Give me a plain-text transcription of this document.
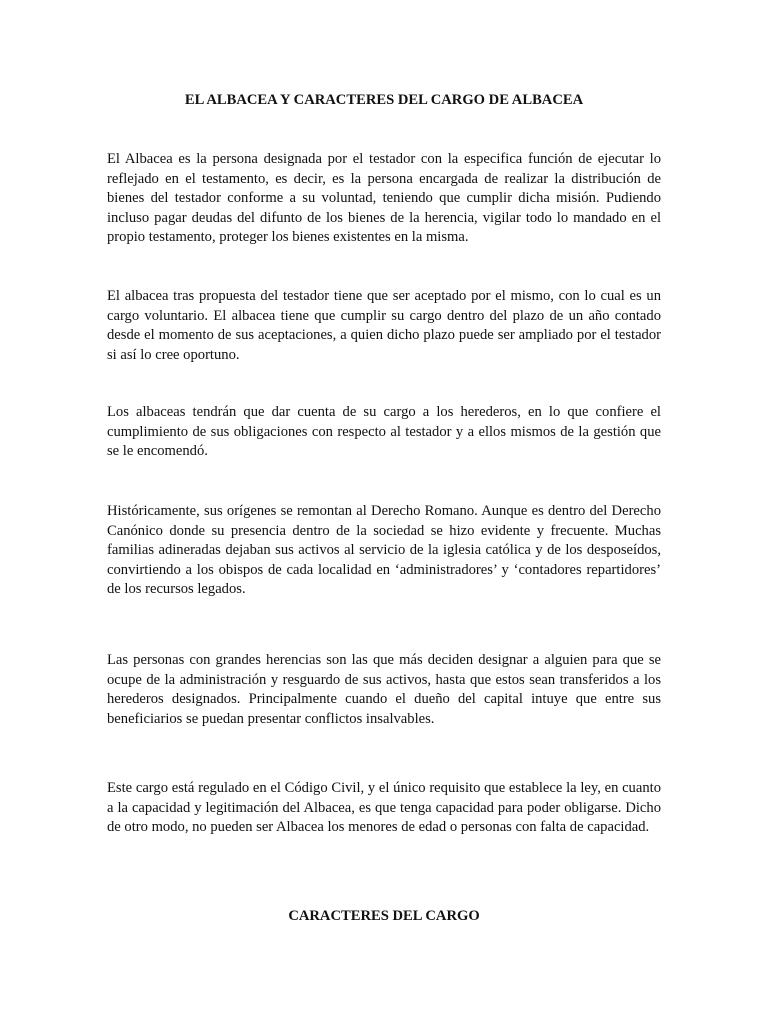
EL ALBACEA Y CARACTERES DEL CARGO DE ALBACEA

El Albacea es la persona designada por el testador con la especifica función de ejecutar lo reflejado en el testamento, es decir, es la persona encargada de realizar la distribución de bienes del testador conforme a su voluntad, teniendo que cumplir dicha misión. Pudiendo incluso pagar deudas del difunto de los bienes de la herencia, vigilar todo lo mandado en el propio testamento, proteger los bienes existentes en la misma.

El albacea tras propuesta del testador tiene que ser aceptado por el mismo, con lo cual es un cargo voluntario. El albacea tiene que cumplir su cargo dentro del plazo de un año contado desde el momento de sus aceptaciones, a quien dicho plazo puede ser ampliado por el testador si así lo cree oportuno.

Los albaceas tendrán que dar cuenta de su cargo a los herederos, en lo que confiere el cumplimiento de sus obligaciones con respecto al testador y a ellos mismos de la gestión que se le encomendó.

Históricamente, sus orígenes se remontan al Derecho Romano. Aunque es dentro del Derecho Canónico donde su presencia dentro de la sociedad se hizo evidente y frecuente. Muchas familias adineradas dejaban sus activos al servicio de la iglesia católica y de los desposeídos, convirtiendo a los obispos de cada localidad en ‘administradores’ y ‘contadores repartidores’ de los recursos legados.

Las personas con grandes herencias son las que más deciden designar a alguien para que se ocupe de la administración y resguardo de sus activos, hasta que estos sean transferidos a los herederos designados. Principalmente cuando el dueño del capital intuye que entre sus beneficiarios se puedan presentar conflictos insalvables.

Este cargo está regulado en el Código Civil, y el único requisito que establece la ley, en cuanto a la capacidad y legitimación del Albacea, es que tenga capacidad para poder obligarse. Dicho de otro modo, no pueden ser Albacea los menores de edad o personas con falta de capacidad.

CARACTERES DEL CARGO
